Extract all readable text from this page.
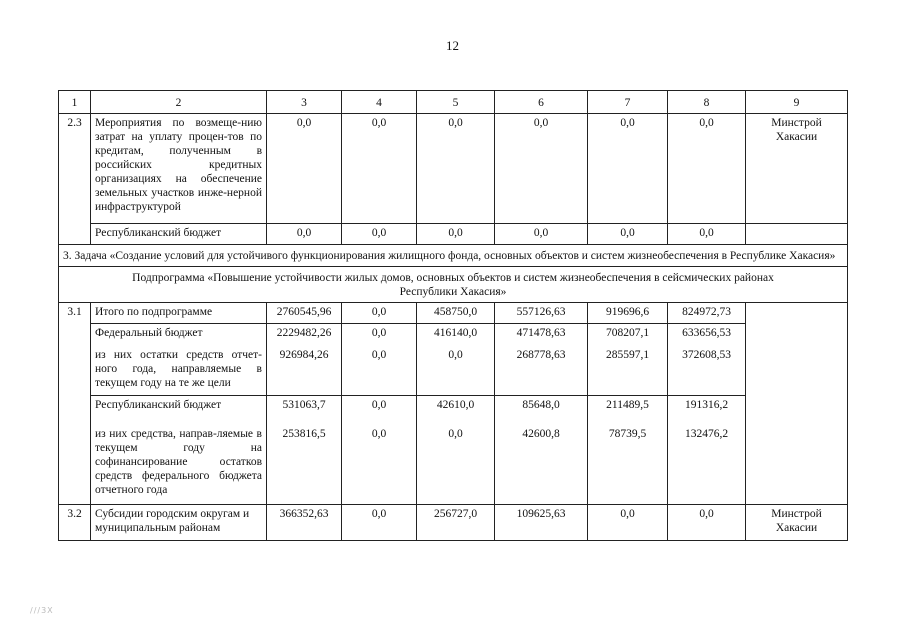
12
1	2	3	4	5	6	7	8	9
2.3	Мероприятия по возмеще-нию затрат на уплату процен-тов по кредитам, полученным в российских кредитных организациях на обеспечение земельных участков инже-нерной инфраструктурой	0,0	0,0	0,0	0,0	0,0	0,0	Минстрой Хакасии
	Республиканский бюджет	0,0	0,0	0,0	0,0	0,0	0,0	
3. Задача «Создание условий для устойчивого функционирования жилищного фонда, основных объектов и систем жизнеобеспечения в Республике Хакасия»								
Подпрограмма «Повышение устойчивости жилых домов, основных объектов и систем жизнеобеспечения в сейсмических районах Республики Хакасия»								
3.1	Итого по подпрограмме	2760545,96	0,0	458750,0	557126,63	919696,6	824972,73	
	Федеральный бюджет	2229482,26	0,0	416140,0	471478,63	708207,1	633656,53	
	из них остатки средств отчет-ного года, направляемые в текущем году на те же цели	926984,26	0,0	0,0	268778,63	285597,1	372608,53	
	Республиканский бюджет	531063,7	0,0	42610,0	85648,0	211489,5	191316,2	
	из них средства, направ-ляемые в текущем году на софинансирование остатков средств федерального бюджета отчетного года	253816,5	0,0	0,0	42600,8	78739,5	132476,2	
3.2	Субсидии городским округам и муниципальным районам	366352,63	0,0	256727,0	109625,63	0,0	0,0	Минстрой Хакасии
///3Х
